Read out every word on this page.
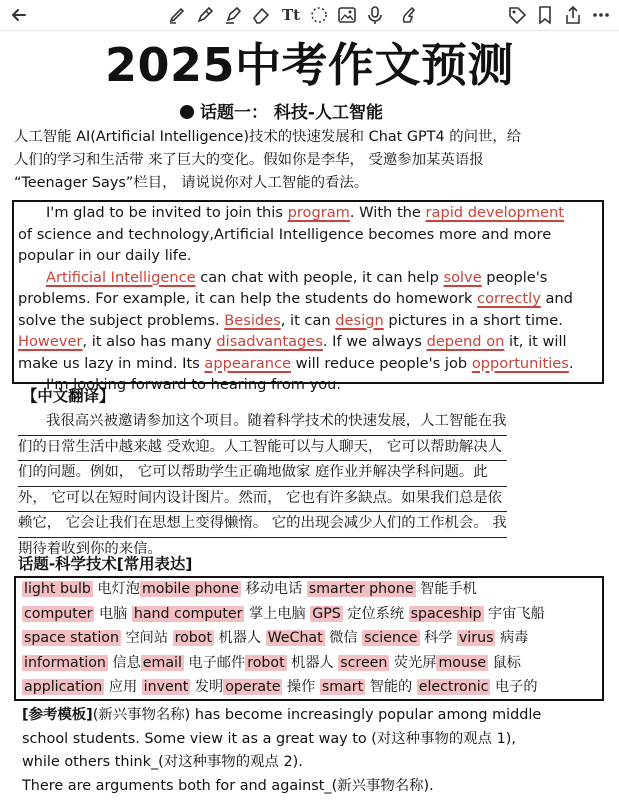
Tt
2025中考作文预测
话题一： 科技-人工智能
人工智能 AI(Artificial Intelligence)技术的快速发展和 Chat GPT4 的问世，给
人们的学习和生活带 来了巨大的变化。假如你是李华， 受邀参加某英语报
“Teenager Says”栏目， 请说说你对人工智能的看法。
I'm glad to be invited to join this program. With the rapid development
of science and technology,Artificial Intelligence becomes more and more
popular in our daily life.
Artificial Intelligence can chat with people, it can help solve people's
problems. For example, it can help the students do homework correctly and
solve the subject problems. Besides, it can design pictures in a short time.
However, it also has many disadvantages. If we always depend on it, it will
make us lazy in mind. Its appearance will reduce people's job opportunities.
I'm looking forward to hearing from you.
【中文翻译】
我很高兴被邀请参加这个项目。随着科学技术的快速发展，人工智能在我
们的日常生活中越来越 受欢迎。人工智能可以与人聊天， 它可以帮助解决人
们的问题。例如， 它可以帮助学生正确地做家 庭作业并解决学科问题。此
外， 它可以在短时间内设计图片。然而， 它也有许多缺点。如果我们总是依
赖它， 它会让我们在思想上变得懒惰。 它的出现会减少人们的工作机会。 我
期待着收到你的来信。
话题-科学技术[常用表达]
light bulb 电灯泡 mobile phone 移动电话 smarter phone 智能手机
computer 电脑 hand computer 掌上电脑 GPS 定位系统 spaceship 宇宙飞船
space station 空间站 robot 机器人 WeChat 微信 science 科学 virus 病毒
information 信息 email 电子邮件 robot 机器人 screen 荧光屏 mouse 鼠标
application 应用 invent 发明 operate 操作 smart 智能的 electronic 电子的
[参考模板](新兴事物名称) has become increasingly popular among middle
school students. Some view it as a great way to (对这种事物的观点 1),
while others think_(对这种事物的观点 2).
There are arguments both for and against_(新兴事物名称).
